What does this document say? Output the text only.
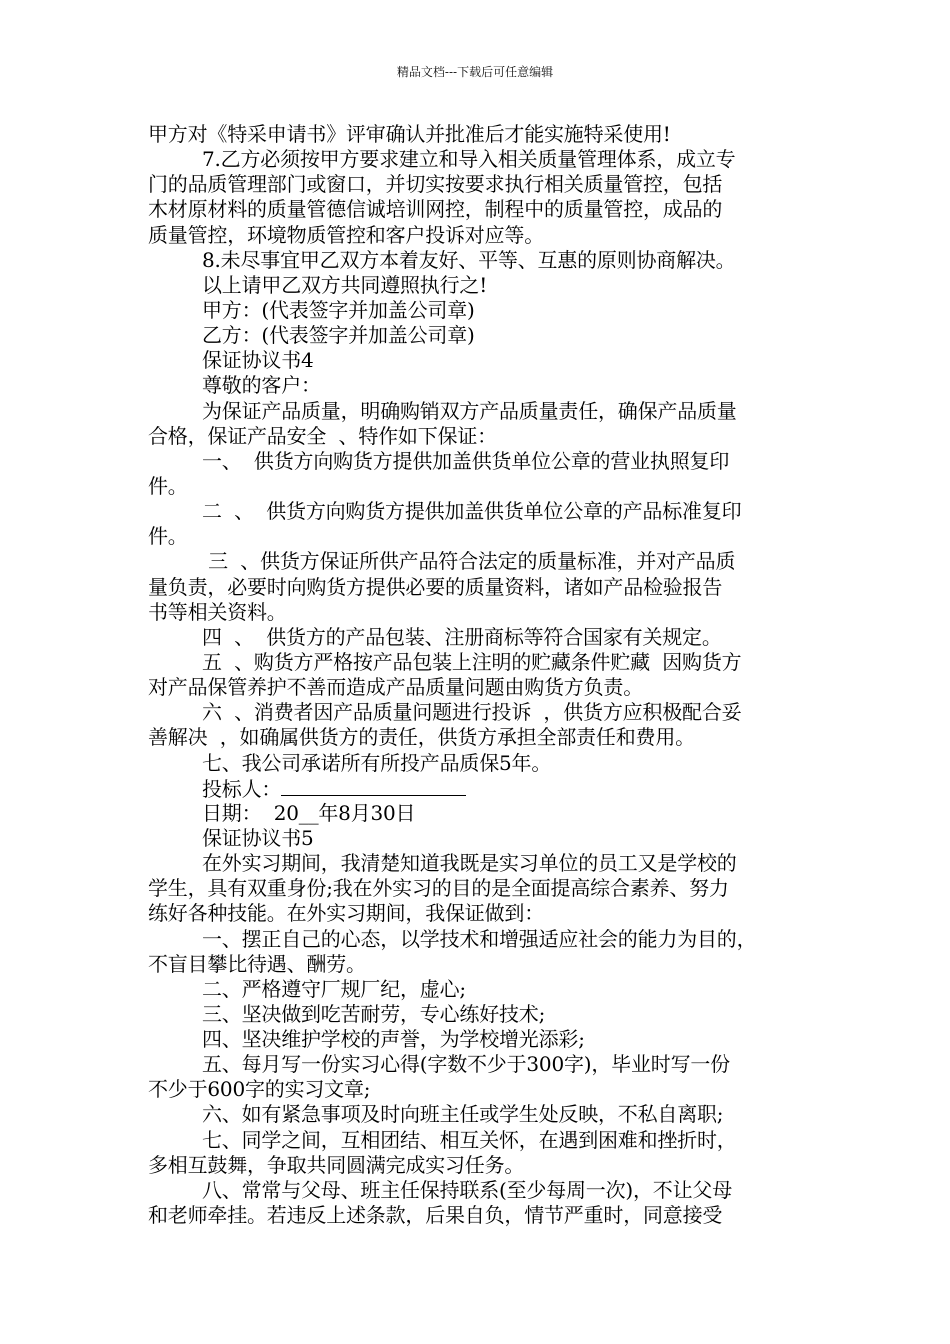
精品文档---下载后可任意编辑
甲方对《特采申请书》评审确认并批准后才能实施特采使用!
7.乙方必须按甲方要求建立和导入相关质量管理体系，成立专
门的品质管理部门或窗口，并切实按要求执行相关质量管控，包括
木材原材料的质量管德信诚培训网控，制程中的质量管控，成品的
质量管控，环境物质管控和客户投诉对应等。
8.未尽事宜甲乙双方本着友好、平等、互惠的原则协商解决。
以上请甲乙双方共同遵照执行之!
甲方：(代表签字并加盖公司章)
乙方：(代表签字并加盖公司章)
保证协议书4
尊敬的客户：
为保证产品质量，明确购销双方产品质量责任，确保产品质量
合格，保证产品安全  、特作如下保证：
一、  供货方向购货方提供加盖供货单位公章的营业执照复印
件。
二  、  供货方向购货方提供加盖供货单位公章的产品标准复印
件。
三  、供货方保证所供产品符合法定的质量标准，并对产品质
量负责，必要时向购货方提供必要的质量资料，诸如产品检验报告
书等相关资料。
四  、  供货方的产品包装、注册商标等符合国家有关规定。
五  、购货方严格按产品包装上注明的贮藏条件贮藏  因购货方
对产品保管养护不善而造成产品质量问题由购货方负责。
六  、消费者因产品质量问题进行投诉  ，供货方应积极配合妥
善解决  ，如确属供货方的责任，供货方承担全部责任和费用。
七、我公司承诺所有所投产品质保5年。
投标人：
日期：  20__年8月30日
保证协议书5
在外实习期间，我清楚知道我既是实习单位的员工又是学校的
学生，具有双重身份;我在外实习的目的是全面提高综合素养、努力
练好各种技能。在外实习期间，我保证做到：
一、摆正自己的心态，以学技术和增强适应社会的能力为目的，
不盲目攀比待遇、酬劳。
二、严格遵守厂规厂纪，虚心;
三、坚决做到吃苦耐劳，专心练好技术;
四、坚决维护学校的声誉，为学校增光添彩;
五、每月写一份实习心得(字数不少于300字)，毕业时写一份
不少于600字的实习文章;
六、如有紧急事项及时向班主任或学生处反映，不私自离职;
七、同学之间，互相团结、相互关怀，在遇到困难和挫折时，
多相互鼓舞，争取共同圆满完成实习任务。
八、常常与父母、班主任保持联系(至少每周一次)，不让父母
和老师牵挂。若违反上述条款，后果自负，情节严重时，同意接受
